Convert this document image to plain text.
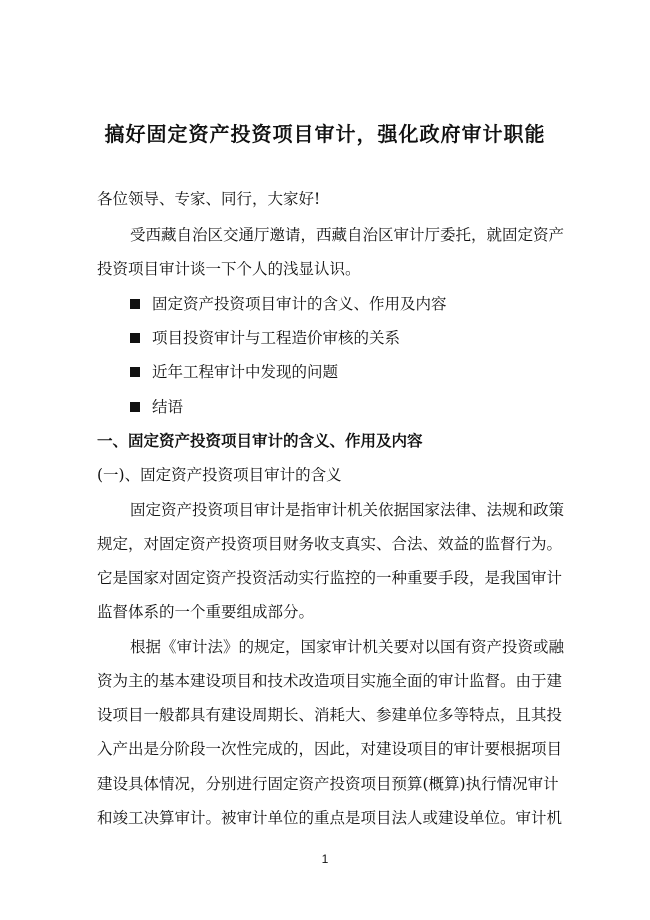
搞好固定资产投资项目审计，强化政府审计职能
各位领导、专家、同行，大家好!
受西藏自治区交通厅邀请，西藏自治区审计厅委托，就固定资产
投资项目审计谈一下个人的浅显认识。
固定资产投资项目审计的含义、作用及内容
项目投资审计与工程造价审核的关系
近年工程审计中发现的问题
结语
一、固定资产投资项目审计的含义、作用及内容
(一)、固定资产投资项目审计的含义
固定资产投资项目审计是指审计机关依据国家法律、法规和政策
规定，对固定资产投资项目财务收支真实、合法、效益的监督行为。
它是国家对固定资产投资活动实行监控的一种重要手段，是我国审计
监督体系的一个重要组成部分。
根据《审计法》的规定，国家审计机关要对以国有资产投资或融
资为主的基本建设项目和技术改造项目实施全面的审计监督。由于建
设项目一般都具有建设周期长、消耗大、参建单位多等特点，且其投
入产出是分阶段一次性完成的，因此，对建设项目的审计要根据项目
建设具体情况，分别进行固定资产投资项目预算(概算)执行情况审计
和竣工决算审计。被审计单位的重点是项目法人或建设单位。审计机
1
